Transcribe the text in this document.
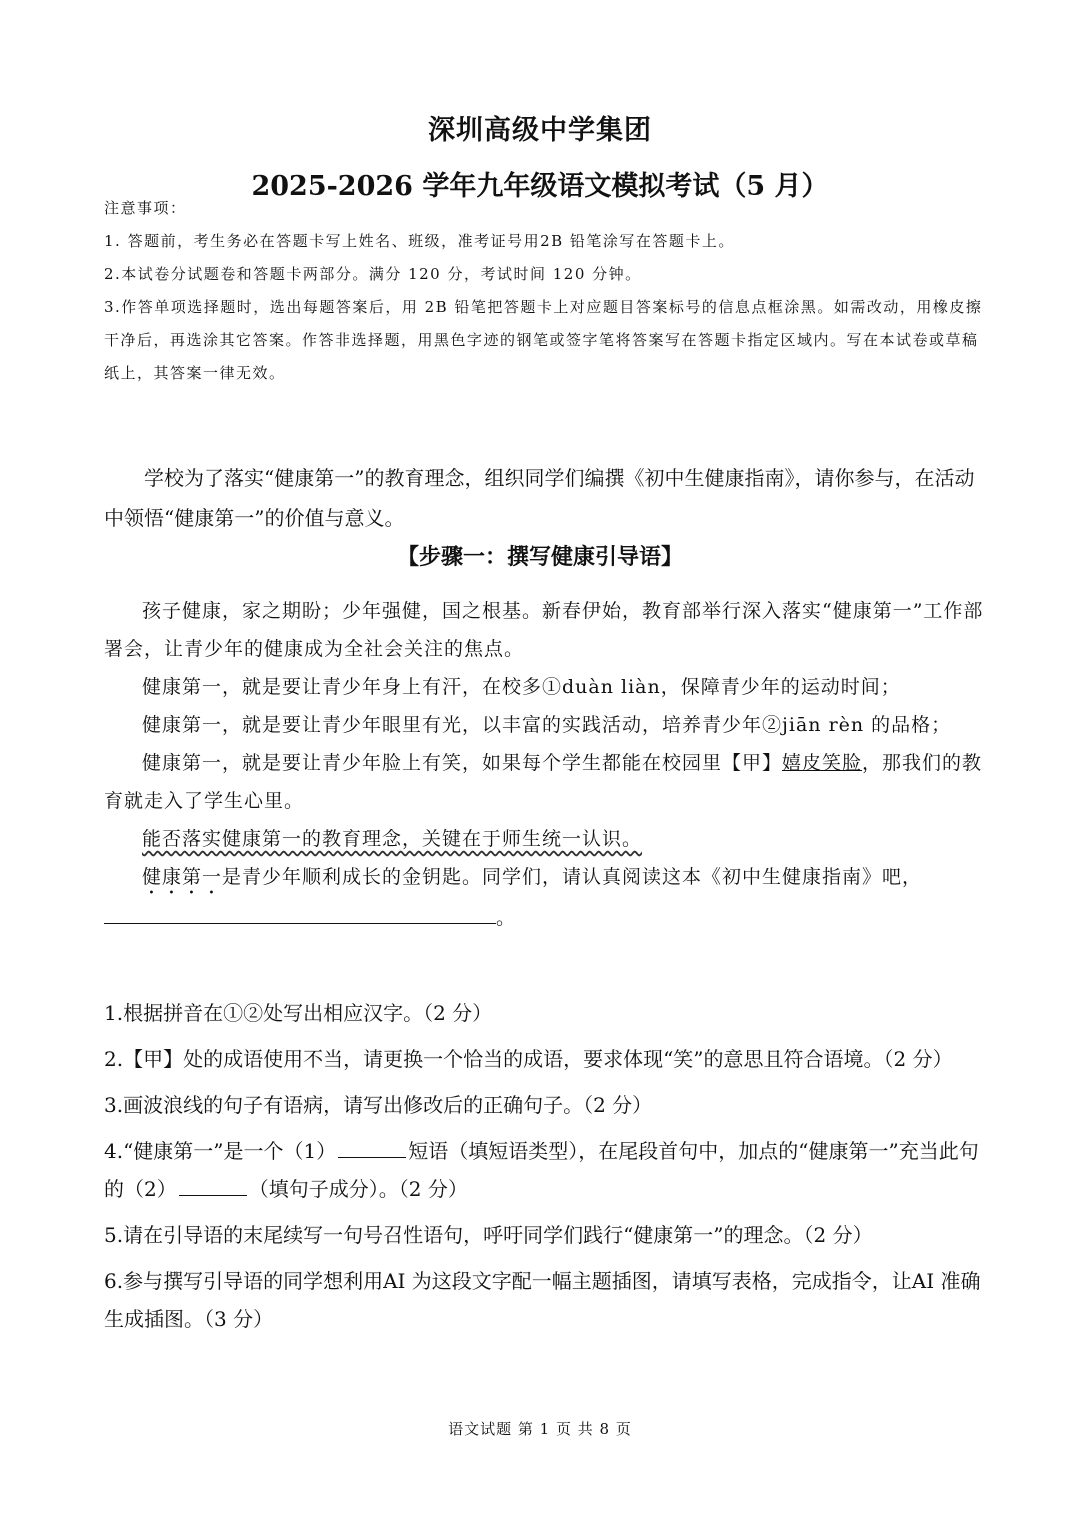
深圳高级中学集团
2025-2026 学年九年级语文模拟考试（5 月）
注意事项：
1. 答题前，考生务必在答题卡写上姓名、班级，准考证号用2B 铅笔涂写在答题卡上。
2.本试卷分试题卷和答题卡两部分。满分 120 分，考试时间 120 分钟。
3.作答单项选择题时，选出每题答案后，用 2B 铅笔把答题卡上对应题目答案标号的信息点框涂黑。如需改动，用橡皮擦干净后，再选涂其它答案。作答非选择题，用黑色字迹的钢笔或签字笔将答案写在答题卡指定区域内。写在本试卷或草稿纸上，其答案一律无效。
学校为了落实“健康第一”的教育理念，组织同学们编撰《初中生健康指南》，请你参与，在活动中领悟“健康第一”的价值与意义。
【步骤一：撰写健康引导语】

孩子健康，家之期盼；少年强健，国之根基。新春伊始，教育部举行深入落实“健康第一”工作部署会，让青少年的健康成为全社会关注的焦点。

健康第一，就是要让青少年身上有汗，在校多①duàn liàn，保障青少年的运动时间；

健康第一，就是要让青少年眼里有光，以丰富的实践活动，培养青少年②jiān rèn 的品格；

健康第一，就是要让青少年脸上有笑，如果每个学生都能在校园里【甲】嬉皮笑脸，那我们的教育就走入了学生心里。

能否落实健康第一的教育理念，关键在于师生统一认识。

健康第一是青少年顺利成长的金钥匙。同学们，请认真阅读这本《初中生健康指南》吧，

。
1.根据拼音在①②处写出相应汉字。（2 分）
2.【甲】处的成语使用不当，请更换一个恰当的成语，要求体现“笑”的意思且符合语境。（2 分）
3.画波浪线的句子有语病，请写出修改后的正确句子。（2 分）
4.“健康第一”是一个（1）	短语（填短语类型），在尾段首句中，加点的“健康第一”充当此句的（2）	（填句子成分）。（2 分）
5.请在引导语的末尾续写一句号召性语句，呼吁同学们践行“健康第一”的理念。（2 分）
6.参与撰写引导语的同学想利用AI 为这段文字配一幅主题插图，请填写表格，完成指令，让AI 准确生成插图。（3 分）
语文试题 第 1 页 共 8 页
